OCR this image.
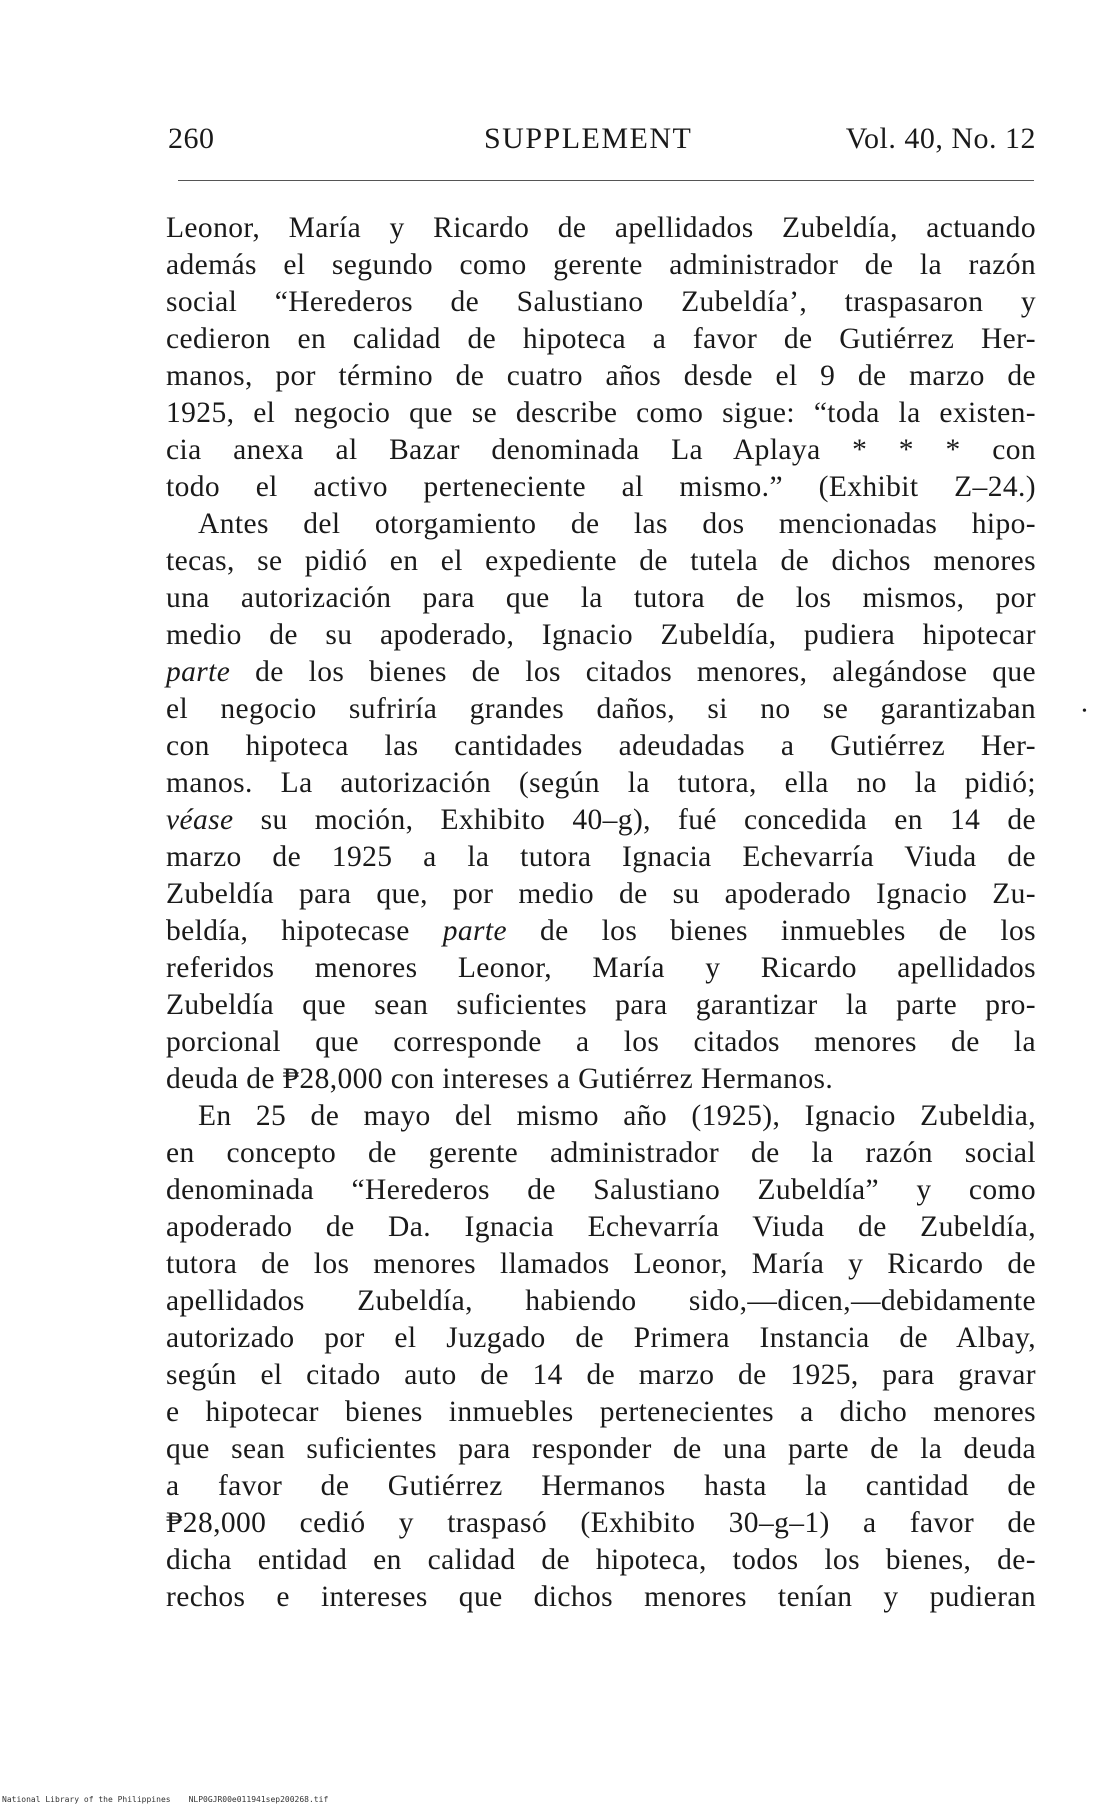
260	SUPPLEMENT	Vol. 40, No. 12
•
Leonor, María y Ricardo de apellidados Zubeldía, actuando
además el segundo como gerente administrador de la razón
social “Herederos de Salustiano Zubeldía’, traspasaron y
cedieron en calidad de hipoteca a favor de Gutiérrez Her-
manos, por término de cuatro años desde el 9 de marzo de
1925, el negocio que se describe como sigue: “toda la existen-
cia anexa al Bazar denominada La Aplaya * * * con
todo el activo perteneciente al mismo.” (Exhibit Z–24.)
Antes del otorgamiento de las dos mencionadas hipo-
tecas, se pidió en el expediente de tutela de dichos menores
una autorización para que la tutora de los mismos, por
medio de su apoderado, Ignacio Zubeldía, pudiera hipotecar
parte de los bienes de los citados menores, alegándose que
el negocio sufriría grandes daños, si no se garantizaban
con hipoteca las cantidades adeudadas a Gutiérrez Her-
manos. La autorización (según la tutora, ella no la pidió;
véase su moción, Exhibito 40–g), fué concedida en 14 de
marzo de 1925 a la tutora Ignacia Echevarría Viuda de
Zubeldía para que, por medio de su apoderado Ignacio Zu-
beldía, hipotecase parte de los bienes inmuebles de los
referidos menores Leonor, María y Ricardo apellidados
Zubeldía que sean suficientes para garantizar la parte pro-
porcional que corresponde a los citados menores de la
deuda de ₱28,000 con intereses a Gutiérrez Hermanos.
En 25 de mayo del mismo año (1925), Ignacio Zubeldia,
en concepto de gerente administrador de la razón social
denominada “Herederos de Salustiano Zubeldía” y como
apoderado de Da. Ignacia Echevarría Viuda de Zubeldía,
tutora de los menores llamados Leonor, María y Ricardo de
apellidados Zubeldía, habiendo sido,—dicen,—debidamente
autorizado por el Juzgado de Primera Instancia de Albay,
según el citado auto de 14 de marzo de 1925, para gravar
e hipotecar bienes inmuebles pertenecientes a dicho menores
que sean suficientes para responder de una parte de la deuda
a favor de Gutiérrez Hermanos hasta la cantidad de
₱28,000 cedió y traspasó (Exhibito 30–g–1) a favor de
dicha entidad en calidad de hipoteca, todos los bienes, de-
rechos e intereses que dichos menores tenían y pudieran
National Library of the Philippines NLP0GJR00e011941sep200268.tif
